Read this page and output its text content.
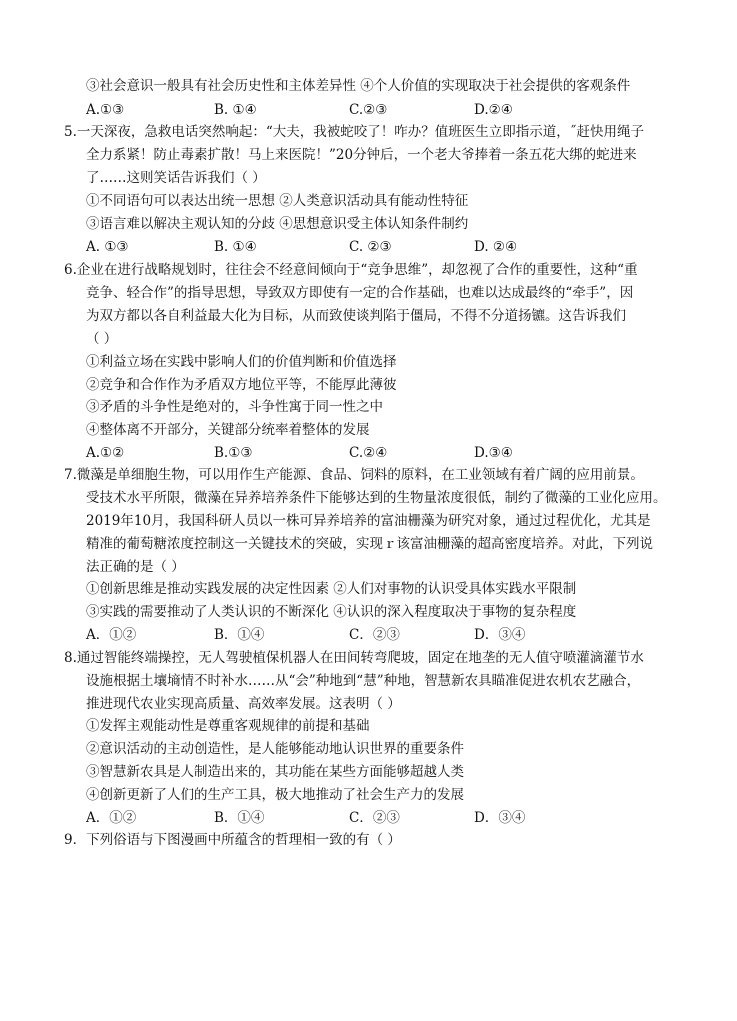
③社会意识一般具有社会历史性和主体差异性 ④个人价值的实现取决于社会提供的客观条件
A.①③	B. ①④	C.②③	D.②④
5.一天深夜，急救电话突然响起：“大夫，我被蛇咬了！咋办？值班医生立即指示道，˝赶快用绳子
全力系紧！防止毒素扩散！马上来医院！”20分钟后，一个老大爷捧着一条五花大绑的蛇进来
了……这则笑话告诉我们（ ）
①不同语句可以表达出统一思想 ②人类意识活动具有能动性特征
③语言难以解决主观认知的分歧 ④思想意识受主体认知条件制约
A. ①③	B. ①④	C. ②③	D. ②④
6.企业在进行战略规划时，往往会不经意间倾向于“竞争思维”，却忽视了合作的重要性，这种“重
竞争、轻合作”的指导思想，导致双方即使有一定的合作基础，也难以达成最终的“牵手”，因
为双方都以各自利益最大化为目标，从而致使谈判陷于僵局，不得不分道扬镳。这告诉我们
（ ）
①利益立场在实践中影响人们的价值判断和价值选择
②竞争和合作作为矛盾双方地位平等，不能厚此薄彼
③矛盾的斗争性是绝对的，斗争性寓于同一性之中
④整体离不开部分，关键部分统率着整体的发展
A.①②	B.①③	C.②④	D.③④
7.微藻是单细胞生物，可以用作生产能源、食品、饲料的原料，在工业领域有着广阔的应用前景。
受技术水平所限，微藻在异养培养条件下能够达到的生物量浓度很低，制约了微藻的工业化应用。
2019年10月，我国科研人员以一株可异养培养的富油栅藻为研究对象，通过过程优化，尤其是
精准的葡萄糖浓度控制这一关键技术的突破，实现ｒ该富油栅藻的超高密度培养。对此，下列说
法正确的是（ ）
①创新思维是推动实践发展的决定性因素 ②人们对事物的认识受具体实践水平限制
③实践的需要推动了人类认识的不断深化 ④认识的深入程度取决于事物的复杂程度
A．①②	B．①④	C．②③	D．③④
8.通过智能终端操控，无人驾驶植保机器人在田间转弯爬坡，固定在地垄的无人值守喷灌滴灌节水
设施根据土壤墒情不时补水……从“会”种地到“慧”种地，智慧新农具瞄准促进农机农艺融合，
推进现代农业实现高质量、高效率发展。这表明（ ）
①发挥主观能动性是尊重客观规律的前提和基础
②意识活动的主动创造性，是人能够能动地认识世界的重要条件
③智慧新农具是人制造出来的，其功能在某些方面能够超越人类
④创新更新了人们的生产工具，极大地推动了社会生产力的发展
A．①②	B．①④	C．②③	D．③④
9．下列俗语与下图漫画中所蕴含的哲理相一致的有（ ）
